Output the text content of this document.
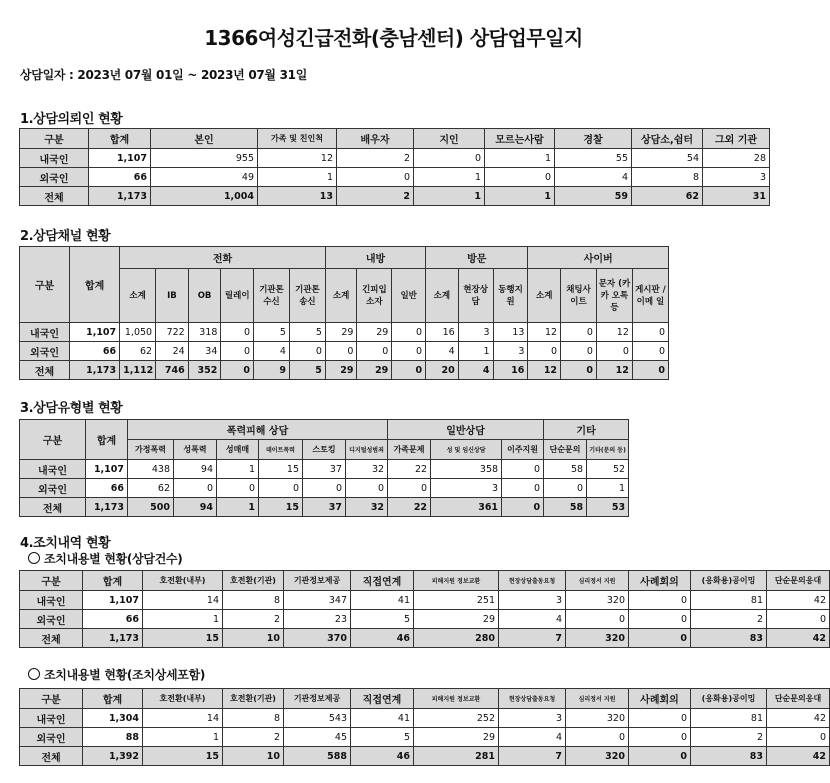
1366여성긴급전화(충남센터) 상담업무일지
상담일자 : 2023년 07월 01일 ~ 2023년 07월 31일
1.상담의뢰인 현황
구분	합계	본인	가족 및 친인척	배우자	지인	모르는사람	경찰	상담소,쉼터	그외 기관
내국인	1,107	955	12	2	0	1	55	54	28
외국인	66	49	1	0	1	0	4	8	3
전체	1,173	1,004	13	2	1	1	59	62	31
2.상담채널 현황
구분	합계	전화						내방			방문			사이버			
		소계	IB	OB	릴레이	기관톤 수신	기관톤 송신	소계	긴피입 소자	일반	소계	현장상 담	동행지 원	소계	채팅사 이트	문자 (카카 오톡등	게시판 /이메 일
내국인	1,107	1,050	722	318	0	5	5	29	29	0	16	3	13	12	0	12	0
외국인	66	62	24	34	0	4	0	0	0	0	4	1	3	0	0	0	0
전체	1,173	1,112	746	352	0	9	5	29	29	0	20	4	16	12	0	12	0
3.상담유형별 현황
구분	합계	폭력피해 상담						일반상담			기타	
		가정폭력	성폭력	성매매	데이트폭력	스토킹	디지털성범죄	가족문제	성 및 임신상담	이주지원	단순문의	기타(문의 등)
내국인	1,107	438	94	1	15	37	32	22	358	0	58	52
외국인	66	62	0	0	0	0	0	0	3	0	0	1
전체	1,173	500	94	1	15	37	32	22	361	0	58	53
4.조치내역 현황
조치내용별 현황(상담건수)
구분	합계	호전환(내부)	호전환(기관)	기관정보제공	직접연계	피해지원 정보교환	현장상담출동요청	심리정서 지원	사례회의	(응화용)공이밍	단순문의응대
내국인	1,107	14	8	347	41	251	3	320	0	81	42
외국인	66	1	2	23	5	29	4	0	0	2	0
전체	1,173	15	10	370	46	280	7	320	0	83	42
조치내용별 현황(조치상세포함)
구분	합계	호전환(내부)	호전환(기관)	기관정보제공	직접연계	피해지원 정보교환	현장상담출동요청	심리정서 지원	사례회의	(응화용)공이밍	단순문의응대
내국인	1,304	14	8	543	41	252	3	320	0	81	42
외국인	88	1	2	45	5	29	4	0	0	2	0
전체	1,392	15	10	588	46	281	7	320	0	83	42
